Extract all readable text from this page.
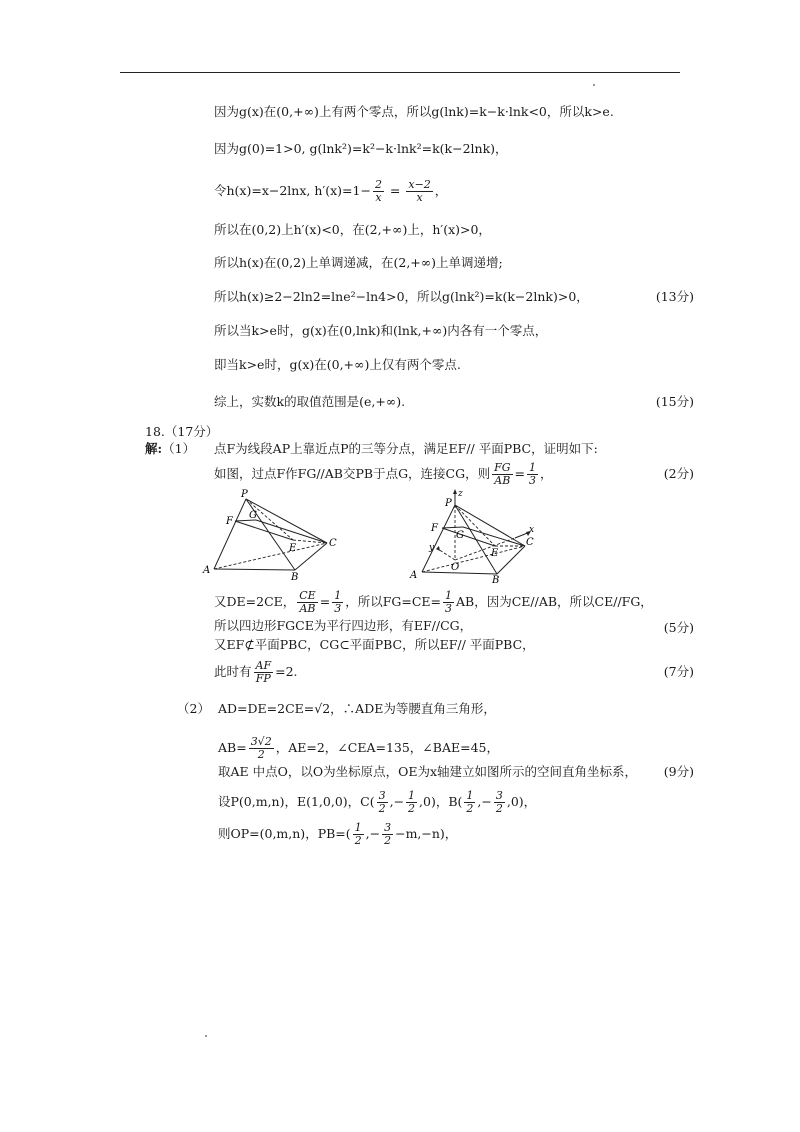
因为g(x)在(0,+∞)上有两个零点，所以g(lnk)=k−k·lnk<0，所以k>e.
因为g(0)=1>0, g(lnk²)=k²−k·lnk²=k(k−2lnk)，
令h(x)=x−2lnx, $h'(x)=1- \frac{2}{x} = \frac{x-2}{x}$ ，
所以在(0,2)上h′(x)<0，在(2,+∞)上，h′(x)>0，
所以h(x)在(0,2)上单调递减，在(2,+∞)上单调递增;
所以h(x)≥2−2ln2=lne²−ln4>0，所以g(lnk²)=k(k−2lnk)>0，	(13分)
所以当k>e时，g(x)在(0,lnk)和(lnk,+∞)内各有一个零点，
即当k>e时，g(x)在(0,+∞)上仅有两个零点.
综上，实数k的取值范围是(e,+∞).	(15分)
18.（17分）
解:（1） 点F为线段AP上靠近点P的三等分点，满足EF// 平面PBC，证明如下:
如图，过点F作FG//AB交PB于点G，连接CG，则 $\frac{FG}{AB} = \frac{1}{3}$ ，	(2分)
P
F
G
E	C
A
B
z
P
F
G
E
C
x
y
O
A	B
又DE=2CE， $\frac{CE}{AB} = \frac{1}{3}$ ，所以$FG=CE= \frac{1}{3}$ AB，因为CE//AB，所以CE//FG，
所以四边形FGCE为平行四边形，有EF//CG，	(5分)
又EF⊄平面PBC，CG⊂平面PBC，所以EF// 平面PBC，
此时有 $\frac{AF}{FP} =2$.	(7分)
（2） AD=DE=2CE=√2，∴ADE为等腰直角三角形，
$AB= \frac{3√2}{2}$ ，AE=2，∠CEA=135，∠BAE=45，
取AE 中点O，以O为坐标原点，OE为x轴建立如图所示的空间直角坐标系， (9分)
设P(0,m,n)，E(1,0,0)，$C( \frac{3}{2}$ ,− $\frac{1}{2} ,0$)，$B( \frac{1}{2}$ ,− $\frac{3}{2} ,0$)，
则OP=(0,m,n)，$PB=( \frac{1}{2}$ ,− $\frac{3}{2} -m,-n$)，
